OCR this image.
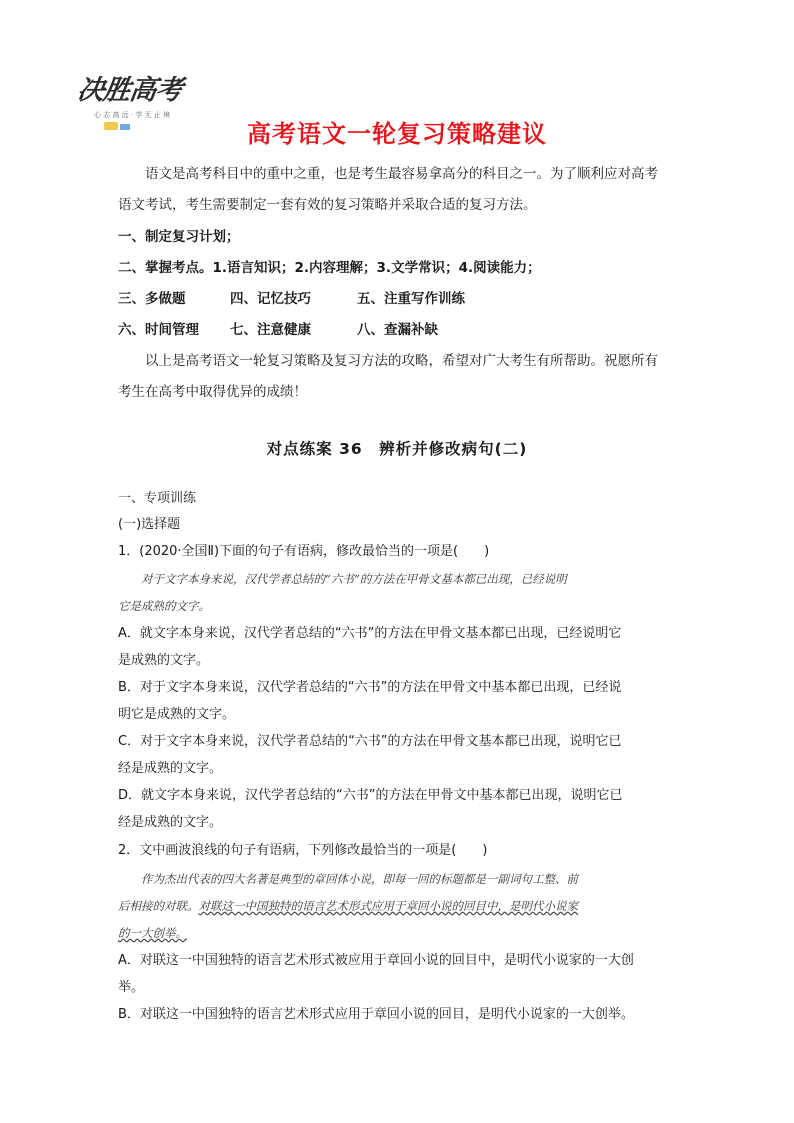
决胜高考
心 志 高 远 · 学 无 止 境
高考语文一轮复习策略建议
　　语文是高考科目中的重中之重，也是考生最容易拿高分的科目之一。为了顺利应对高考
语文考试，考生需要制定一套有效的复习策略并采取合适的复习方法。
一、制定复习计划；
二、掌握考点。1.语言知识；2.内容理解；3.文学常识；4.阅读能力；
三、多做题	四、记忆技巧	五、注重写作训练
六、时间管理 七、注意健康	八、查漏补缺
　　以上是高考语文一轮复习策略及复习方法的攻略，希望对广大考生有所帮助。祝愿所有
考生在高考中取得优异的成绩！
对点练案 36　辨析并修改病句(二)
一、专项训练
(一)选择题
1．(2020·全国Ⅱ)下面的句子有语病，修改最恰当的一项是(　　)
　　对于文字本身来说，汉代学者总结的“六书”的方法在甲骨文基本都已出现，已经说明
它是成熟的文字。
A．就文字本身来说，汉代学者总结的“六书”的方法在甲骨文基本都已出现，已经说明它
是成熟的文字。
B．对于文字本身来说，汉代学者总结的“六书”的方法在甲骨文中基本都已出现，已经说
明它是成熟的文字。
C．对于文字本身来说，汉代学者总结的“六书”的方法在甲骨文基本都已出现，说明它已
经是成熟的文字。
D．就文字本身来说，汉代学者总结的“六书”的方法在甲骨文中基本都已出现，说明它已
经是成熟的文字。
2．文中画波浪线的句子有语病，下列修改最恰当的一项是(　　)
　　作为杰出代表的四大名著是典型的章回体小说，即每一回的标题都是一副词句工整、前
后相接的对联。对联这一中国独特的语言艺术形式应用于章回小说的回目中，是明代小说家
的一大创举。
A．对联这一中国独特的语言艺术形式被应用于章回小说的回目中，是明代小说家的一大创
举。
B．对联这一中国独特的语言艺术形式应用于章回小说的回目，是明代小说家的一大创举。
